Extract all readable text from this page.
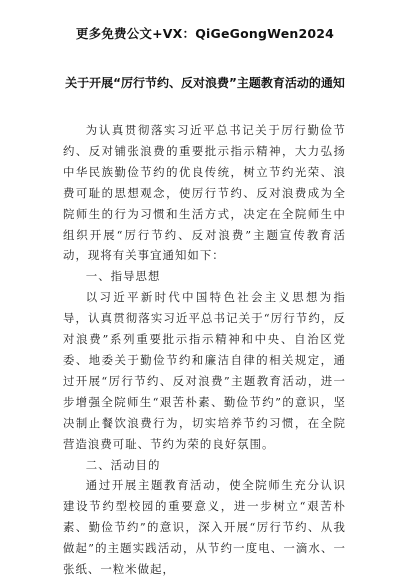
更多免费公文+VX：QiGeGongWen2024
关于开展“厉行节约、反对浪费”主题教育活动的通知

为认真贯彻落实习近平总书记关于厉行勤俭节约、反对铺张浪费的重要批示指示精神，大力弘扬中华民族勤俭节约的优良传统，树立节约光荣、浪费可耻的思想观念，使厉行节约、反对浪费成为全院师生的行为习惯和生活方式，决定在全院师生中组织开展“厉行节约、反对浪费”主题宣传教育活动，现将有关事宜通知如下：

一、指导思想

以习近平新时代中国特色社会主义思想为指导，认真贯彻落实习近平总书记关于“厉行节约，反对浪费”系列重要批示指示精神和中央、自治区党委、地委关于勤俭节约和廉洁自律的相关规定，通过开展“厉行节约、反对浪费”主题教育活动，进一步增强全院师生“艰苦朴素、勤俭节约”的意识，坚决制止餐饮浪费行为，切实培养节约习惯，在全院营造浪费可耻、节约为荣的良好氛围。

二、活动目的

通过开展主题教育活动，使全院师生充分认识建设节约型校园的重要意义，进一步树立“艰苦朴素、勤俭节约”的意识，深入开展“厉行节约、从我做起”的主题实践活动，从节约一度电、一滴水、一张纸、一粒米做起，
